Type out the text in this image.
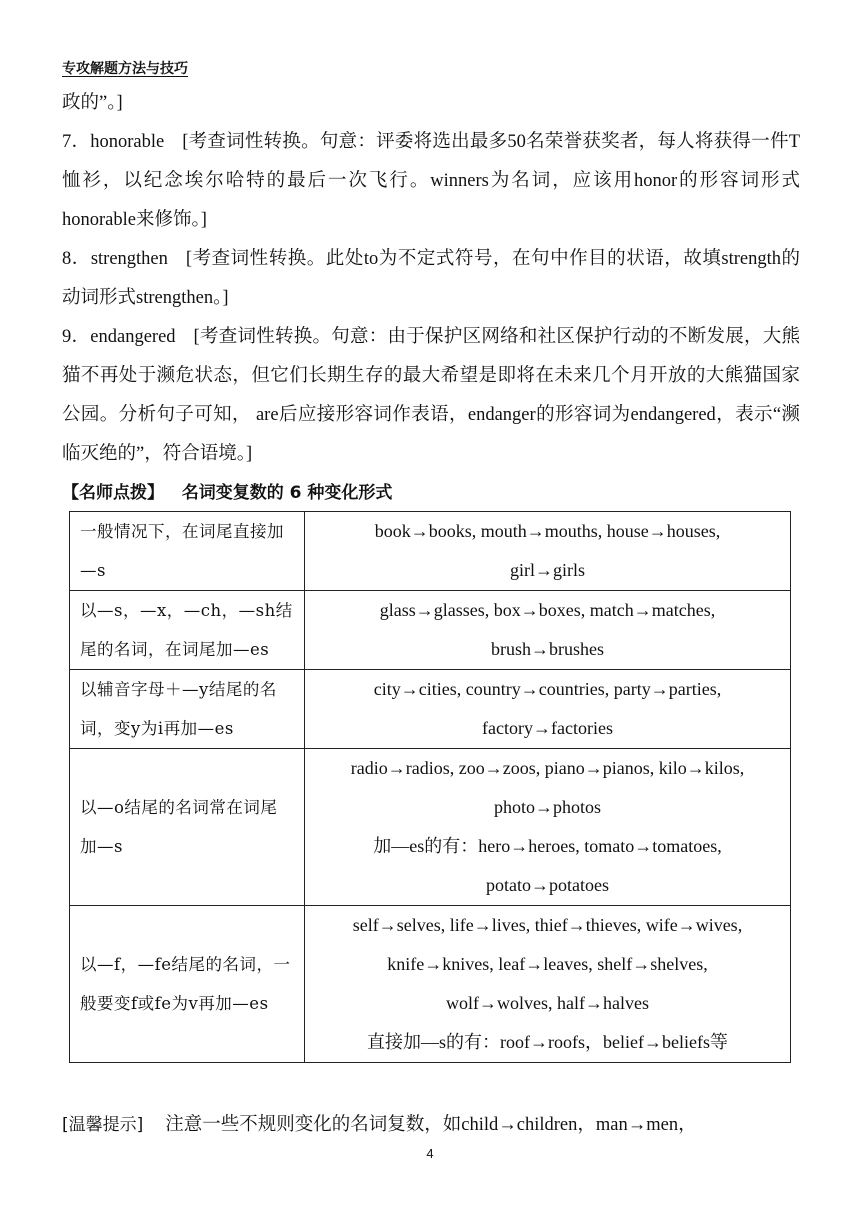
专攻解题方法与技巧

政的”。]

7．honorable [考查词性转换。句意：评委将选出最多50名荣誉获奖者，每人将获得一件T恤衫，以纪念埃尔哈特的最后一次飞行。winners为名词，应该用honor的形容词形式honorable来修饰。]

8．strengthen [考查词性转换。此处to为不定式符号，在句中作目的状语，故填strength的动词形式strengthen。]

9．endangered [考查词性转换。句意：由于保护区网络和社区保护行动的不断发展，大熊猫不再处于濒危状态，但它们长期生存的最大希望是即将在未来几个月开放的大熊猫国家公园。分析句子可知， are后应接形容词作表语，endanger的形容词为endangered，表示“濒临灭绝的”，符合语境。]

【名师点拨】 名词变复数的 6 种变化形式
一般情况下，在词尾直接加—s	book→books, mouth→mouths, house→houses,
girl→girls

以—s，—x，—ch，—sh结尾的名词，在词尾加—es	glass→glasses, box→boxes, match→matches,
brush→brushes

以辅音字母＋—y结尾的名词，变y为i再加—es	city→cities, country→countries, party→parties,
factory→factories

以—o结尾的名词常在词尾加—s	radio→radios, zoo→zoos, piano→pianos, kilo→kilos,
photo→photos
加—es的有：hero→heroes, tomato→tomatoes,
potato→potatoes

以—f，—fe结尾的名词，一般要变f或fe为v再加—es	self→selves, life→lives, thief→thieves, wife→wives,
knife→knives, leaf→leaves, shelf→shelves,
wolf→wolves, half→halves
直接加—s的有：roof→roofs，belief→beliefs等
[温馨提示] 注意一些不规则变化的名词复数，如child→children，man→men，
4
